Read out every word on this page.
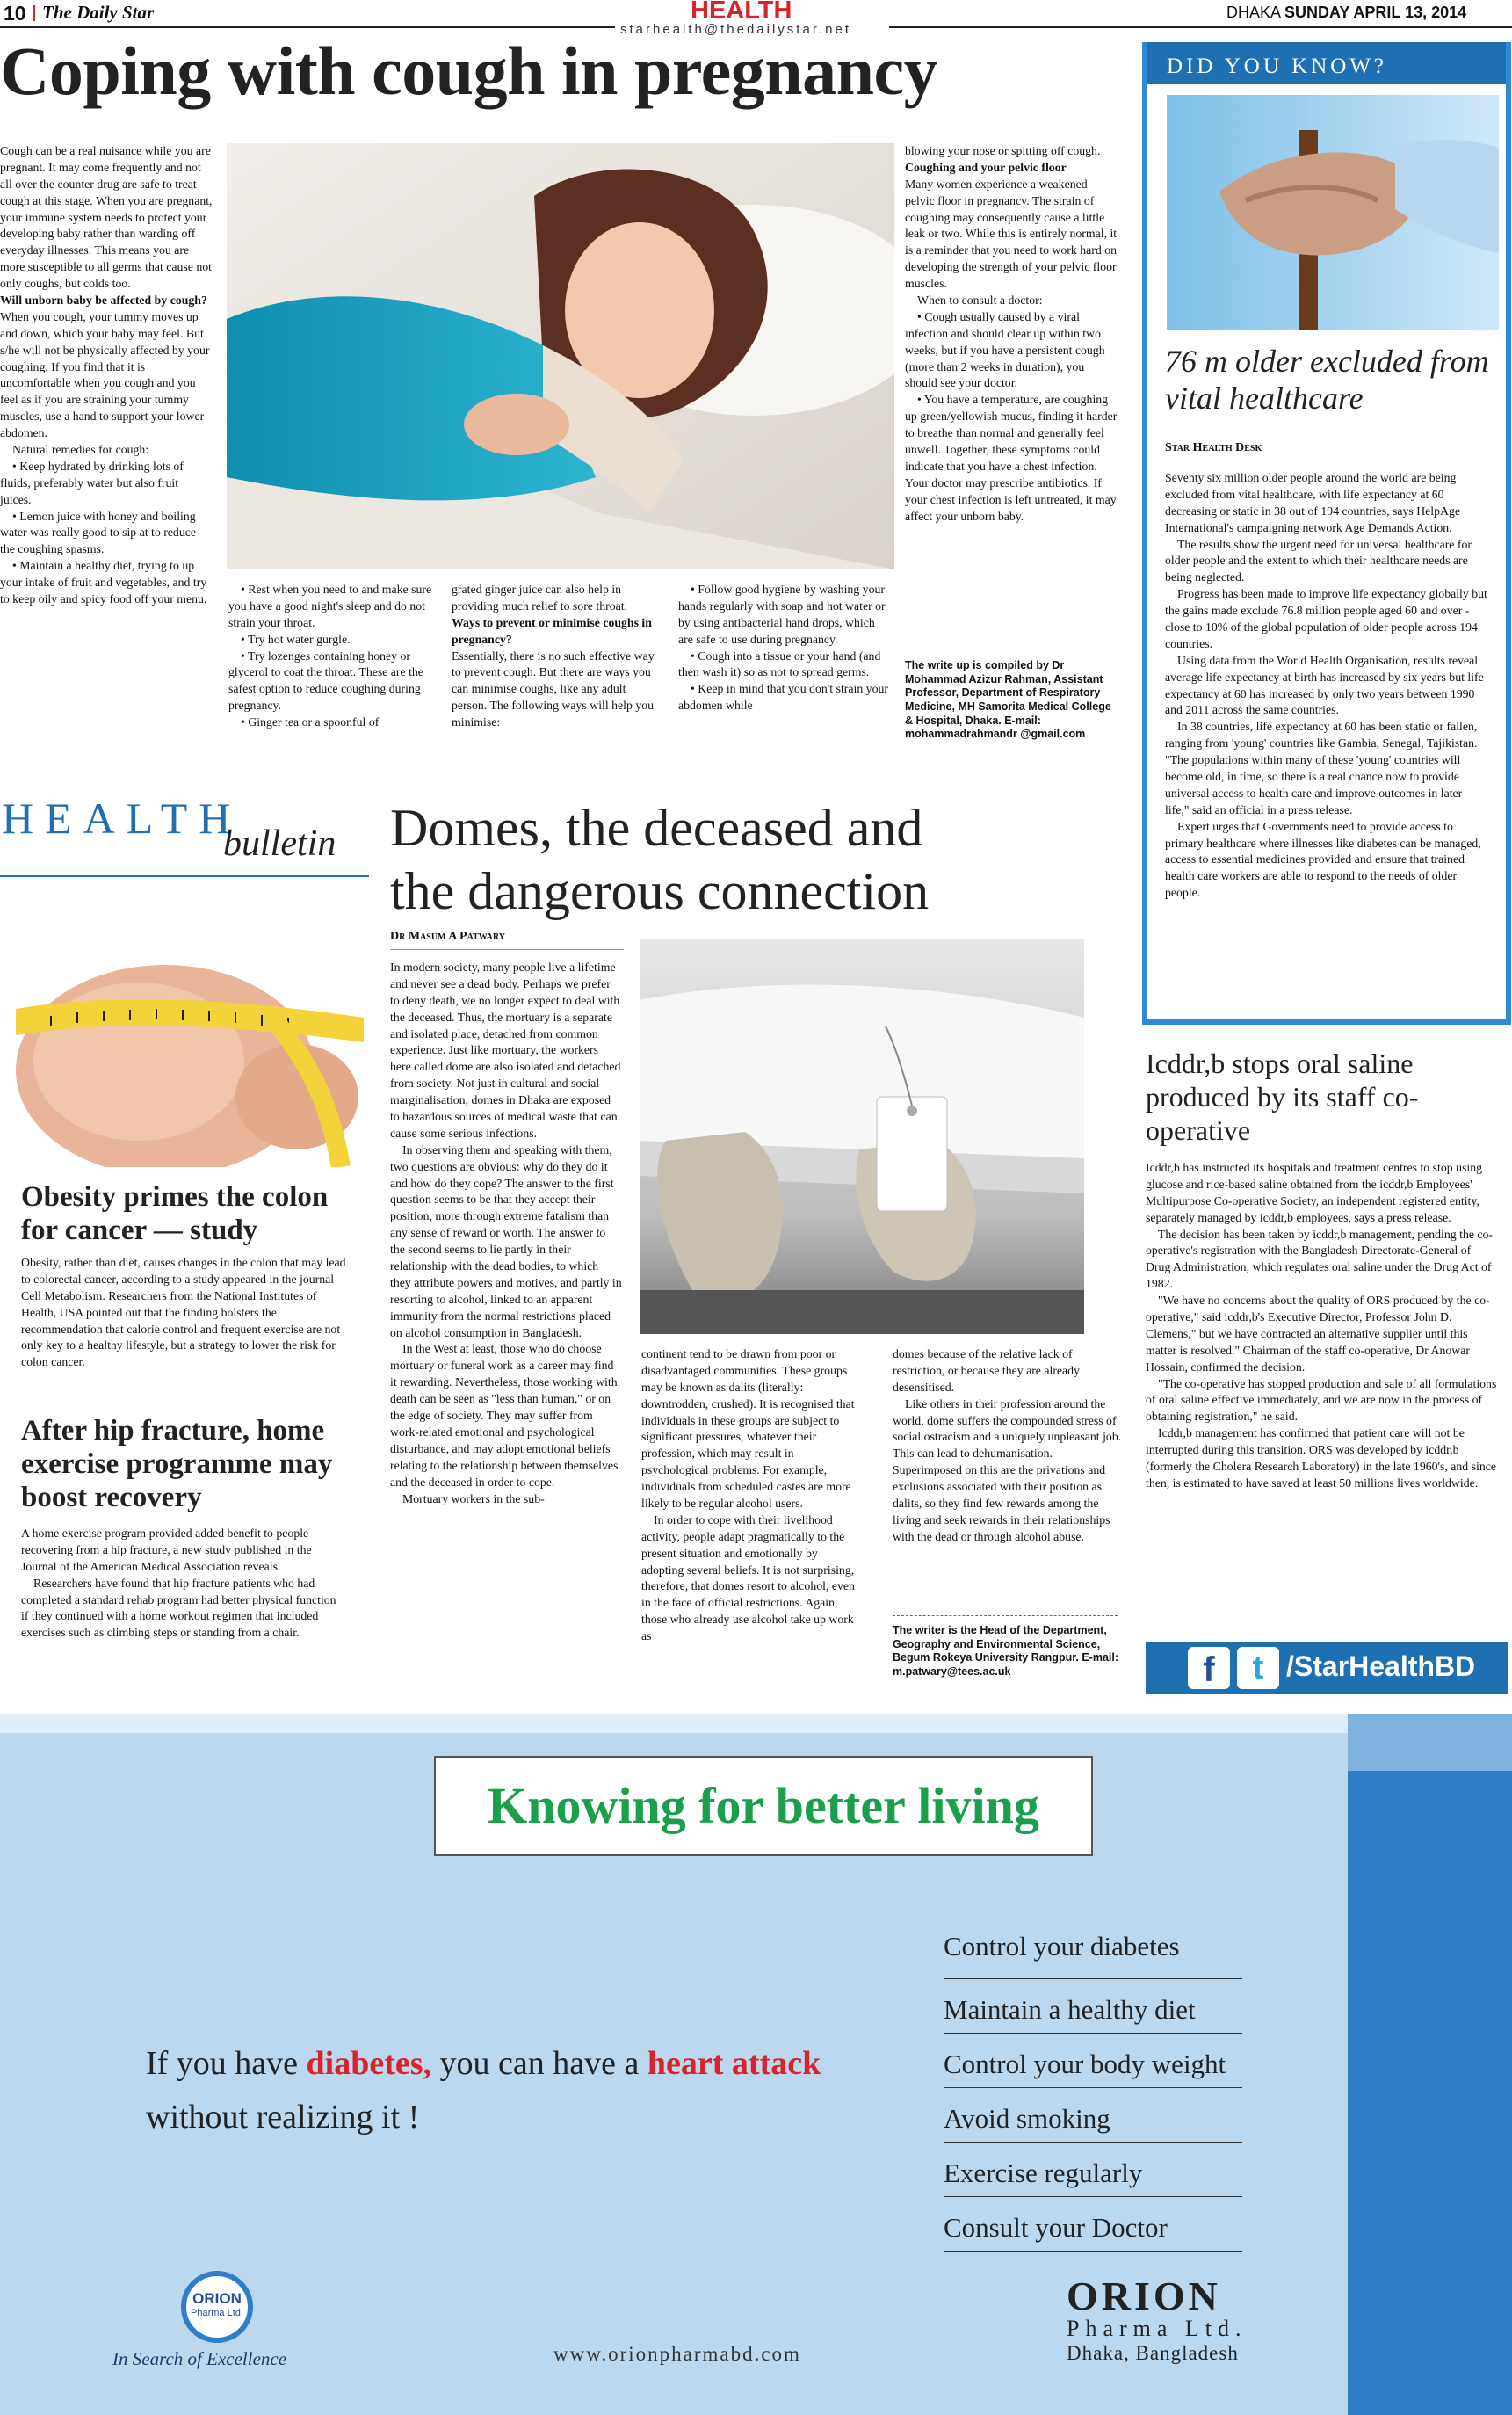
10 The Daily Star	HEALTH
starhealth@thedailystar.net
DHAKA SUNDAY APRIL 13, 2014
Coping with cough in pregnancy

Cough can be a real nuisance while you are pregnant. It may come frequently and not all over the counter drug are safe to treat cough at this stage. When you are pregnant, your immune system needs to protect your developing baby rather than warding off everyday illnesses. This means you are more susceptible to all germs that cause not only coughs, but colds too.

Will unborn baby be affected by cough?

When you cough, your tummy moves up and down, which your baby may feel. But s/he will not be physically affected by your coughing. If you find that it is uncomfortable when you cough and you feel as if you are straining your tummy muscles, use a hand to support your lower abdomen.

Natural remedies for cough:

• Keep hydrated by drinking lots of fluids, preferably water but also fruit juices.

• Lemon juice with honey and boiling water was really good to sip at to reduce the coughing spasms.

• Maintain a healthy diet, trying to up your intake of fruit and vegetables, and try to keep oily and spicy food off your menu.

• Rest when you need to and make sure you have a good night's sleep and do not strain your throat.

• Try hot water gurgle.

• Try lozenges containing honey or glycerol to coat the throat. These are the safest option to reduce coughing during pregnancy.

• Ginger tea or a spoonful of

grated ginger juice can also help in providing much relief to sore throat.

Ways to prevent or minimise coughs in pregnancy?

Essentially, there is no such effective way to prevent cough. But there are ways you can minimise coughs, like any adult person. The following ways will help you minimise:

• Follow good hygiene by washing your hands regularly with soap and hot water or by using antibacterial hand drops, which are safe to use during pregnancy.

• Cough into a tissue or your hand (and then wash it) so as not to spread germs.

• Keep in mind that you don't strain your abdomen while

blowing your nose or spitting off cough.

Coughing and your pelvic floor

Many women experience a weakened pelvic floor in pregnancy. The strain of coughing may consequently cause a little leak or two. While this is entirely normal, it is a reminder that you need to work hard on developing the strength of your pelvic floor muscles.

When to consult a doctor:

• Cough usually caused by a viral infection and should clear up within two weeks, but if you have a persistent cough (more than 2 weeks in duration), you should see your doctor.

• You have a temperature, are coughing up green/yellowish mucus, finding it harder to breathe than normal and generally feel unwell. Together, these symptoms could indicate that you have a chest infection. Your doctor may prescribe antibiotics. If your chest infection is left untreated, it may affect your unborn baby.

The write up is compiled by Dr Mohammad Azizur Rahman, Assistant Professor, Department of Respiratory Medicine, MH Samorita Medical College & Hospital, Dhaka. E-mail: mohammadrahmandr @gmail.com
DID YOU KNOW?
76 m older excluded from vital healthcare
Star Health Desk

Seventy six million older people around the world are being excluded from vital healthcare, with life expectancy at 60 decreasing or static in 38 out of 194 countries, says HelpAge International's campaigning network Age Demands Action.

The results show the urgent need for universal healthcare for older people and the extent to which their healthcare needs are being neglected.

Progress has been made to improve life expectancy globally but the gains made exclude 76.8 million people aged 60 and over - close to 10% of the global population of older people across 194 countries.

Using data from the World Health Organisation, results reveal average life expectancy at birth has increased by six years but life expectancy at 60 has increased by only two years between 1990 and 2011 across the same countries.

In 38 countries, life expectancy at 60 has been static or fallen, ranging from 'young' countries like Gambia, Senegal, Tajikistan. "The populations within many of these 'young' countries will become old, in time, so there is a real chance now to provide universal access to health care and improve outcomes in later life," said an official in a press release.

Expert urges that Governments need to provide access to primary healthcare where illnesses like diabetes can be managed, access to essential medicines provided and ensure that trained health care workers are able to respond to the needs of older people.

Icddr,b stops oral saline produced by its staff co-operative

Icddr,b has instructed its hospitals and treatment centres to stop using glucose and rice-based saline obtained from the icddr,b Employees' Multipurpose Co-operative Society, an independent registered entity, separately managed by icddr,b employees, says a press release.

The decision has been taken by icddr,b management, pending the co-operative's registration with the Bangladesh Directorate-General of Drug Administration, which regulates oral saline under the Drug Act of 1982.

"We have no concerns about the quality of ORS produced by the co-operative," said icddr,b's Executive Director, Professor John D. Clemens," but we have contracted an alternative supplier until this matter is resolved." Chairman of the staff co-operative, Dr Anowar Hossain, confirmed the decision.

"The co-operative has stopped production and sale of all formulations of oral saline effective immediately, and we are now in the process of obtaining registration," he said.

Icddr,b management has confirmed that patient care will not be interrupted during this transition. ORS was developed by icddr,b (formerly the Cholera Research Laboratory) in the late 1960's, and since then, is estimated to have saved at least 50 millions lives worldwide.

f	t /StarHealthBD
HEALTH
bulletin
Obesity primes the colon for cancer — study
Obesity, rather than diet, causes changes in the colon that may lead to colorectal cancer, according to a study appeared in the journal Cell Metabolism. Researchers from the National Institutes of Health, USA pointed out that the finding bolsters the recommendation that calorie control and frequent exercise are not only key to a healthy lifestyle, but a strategy to lower the risk for colon cancer.
After hip fracture, home exercise programme may boost recovery

A home exercise program provided added benefit to people recovering from a hip fracture, a new study published in the Journal of the American Medical Association reveals.

Researchers have found that hip fracture patients who had completed a standard rehab program had better physical function if they continued with a home workout regimen that included exercises such as climbing steps or standing from a chair.

Domes, the deceased and
the dangerous connection
Dr Masum A Patwary

In modern society, many people live a lifetime and never see a dead body. Perhaps we prefer to deny death, we no longer expect to deal with the deceased. Thus, the mortuary is a separate and isolated place, detached from common experience. Just like mortuary, the workers here called dome are also isolated and detached from society. Not just in cultural and social marginalisation, domes in Dhaka are exposed to hazardous sources of medical waste that can cause some serious infections.

In observing them and speaking with them, two questions are obvious: why do they do it and how do they cope? The answer to the first question seems to be that they accept their position, more through extreme fatalism than any sense of reward or worth. The answer to the second seems to lie partly in their relationship with the dead bodies, to which they attribute powers and motives, and partly in resorting to alcohol, linked to an apparent immunity from the normal restrictions placed on alcohol consumption in Bangladesh.

In the West at least, those who do choose mortuary or funeral work as a career may find it rewarding. Nevertheless, those working with death can be seen as "less than human," or on the edge of society. They may suffer from work-related emotional and psychological disturbance, and may adopt emotional beliefs relating to the relationship between themselves and the deceased in order to cope.

Mortuary workers in the sub-

continent tend to be drawn from poor or disadvantaged communities. These groups may be known as dalits (literally: downtrodden, crushed). It is recognised that individuals in these groups are subject to significant pressures, whatever their profession, which may result in psychological problems. For example, individuals from scheduled castes are more likely to be regular alcohol users.

In order to cope with their livelihood activity, people adapt pragmatically to the present situation and emotionally by adopting several beliefs. It is not surprising, therefore, that domes resort to alcohol, even in the face of official restrictions. Again, those who already use alcohol take up work as

domes because of the relative lack of restriction, or because they are already desensitised.

Like others in their profession around the world, dome suffers the compounded stress of social ostracism and a uniquely unpleasant job. This can lead to dehumanisation. Superimposed on this are the privations and exclusions associated with their position as dalits, so they find few rewards among the living and seek rewards in their relationships with the dead or through alcohol abuse.

The writer is the Head of the Department, Geography and Environmental Science, Begum Rokeya University Rangpur. E-mail: m.patwary@tees.ac.uk
Knowing for better living
If you have diabetes, you can have a heart attack
without realizing it !
Control your diabetes
Maintain a healthy diet
Control your body weight
Avoid smoking
Exercise regularly
Consult your Doctor
ORION
Pharma Ltd.
In Search of Excellence	www.orionpharmabd.com
ORION
Pharma Ltd.
Dhaka, Bangladesh
